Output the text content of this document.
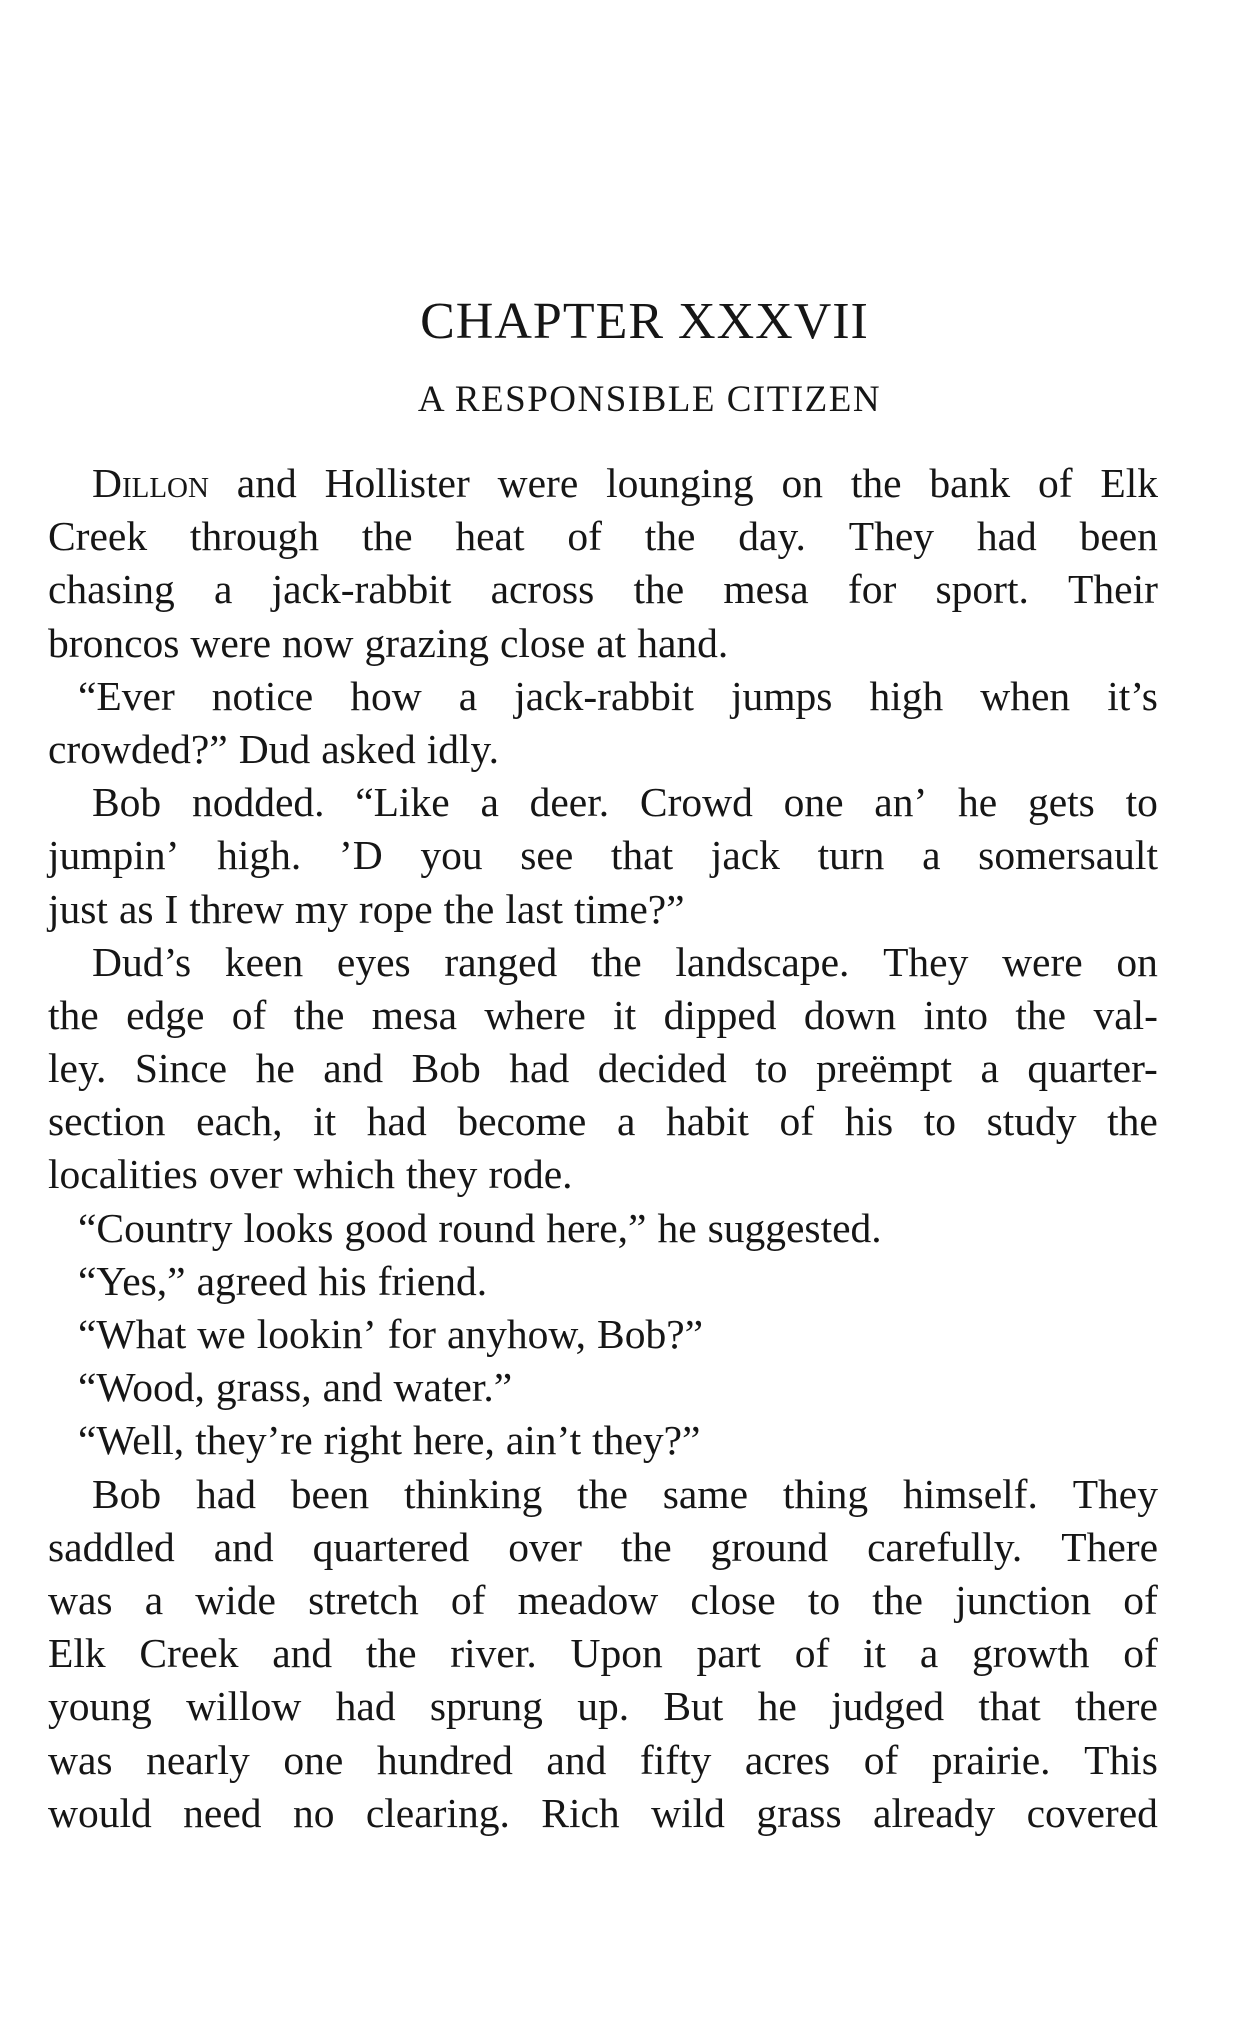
CHAPTER XXXVII
A RESPONSIBLE CITIZEN
Dillon and Hollister were lounging on the bank of Elk
Creek through the heat of the day. They had been
chasing a jack-rabbit across the mesa for sport. Their
broncos were now grazing close at hand.
“Ever notice how a jack-rabbit jumps high when it’s
crowded?” Dud asked idly.
Bob nodded. “Like a deer. Crowd one an’ he gets to
jumpin’ high. ’D you see that jack turn a somersault
just as I threw my rope the last time?”
Dud’s keen eyes ranged the landscape. They were on
the edge of the mesa where it dipped down into the val-
ley. Since he and Bob had decided to preëmpt a quarter-
section each, it had become a habit of his to study the
localities over which they rode.
“Country looks good round here,” he suggested.
“Yes,” agreed his friend.
“What we lookin’ for anyhow, Bob?”
“Wood, grass, and water.”
“Well, they’re right here, ain’t they?”
Bob had been thinking the same thing himself. They
saddled and quartered over the ground carefully. There
was a wide stretch of meadow close to the junction of
Elk Creek and the river. Upon part of it a growth of
young willow had sprung up. But he judged that there
was nearly one hundred and fifty acres of prairie. This
would need no clearing. Rich wild grass already covered
